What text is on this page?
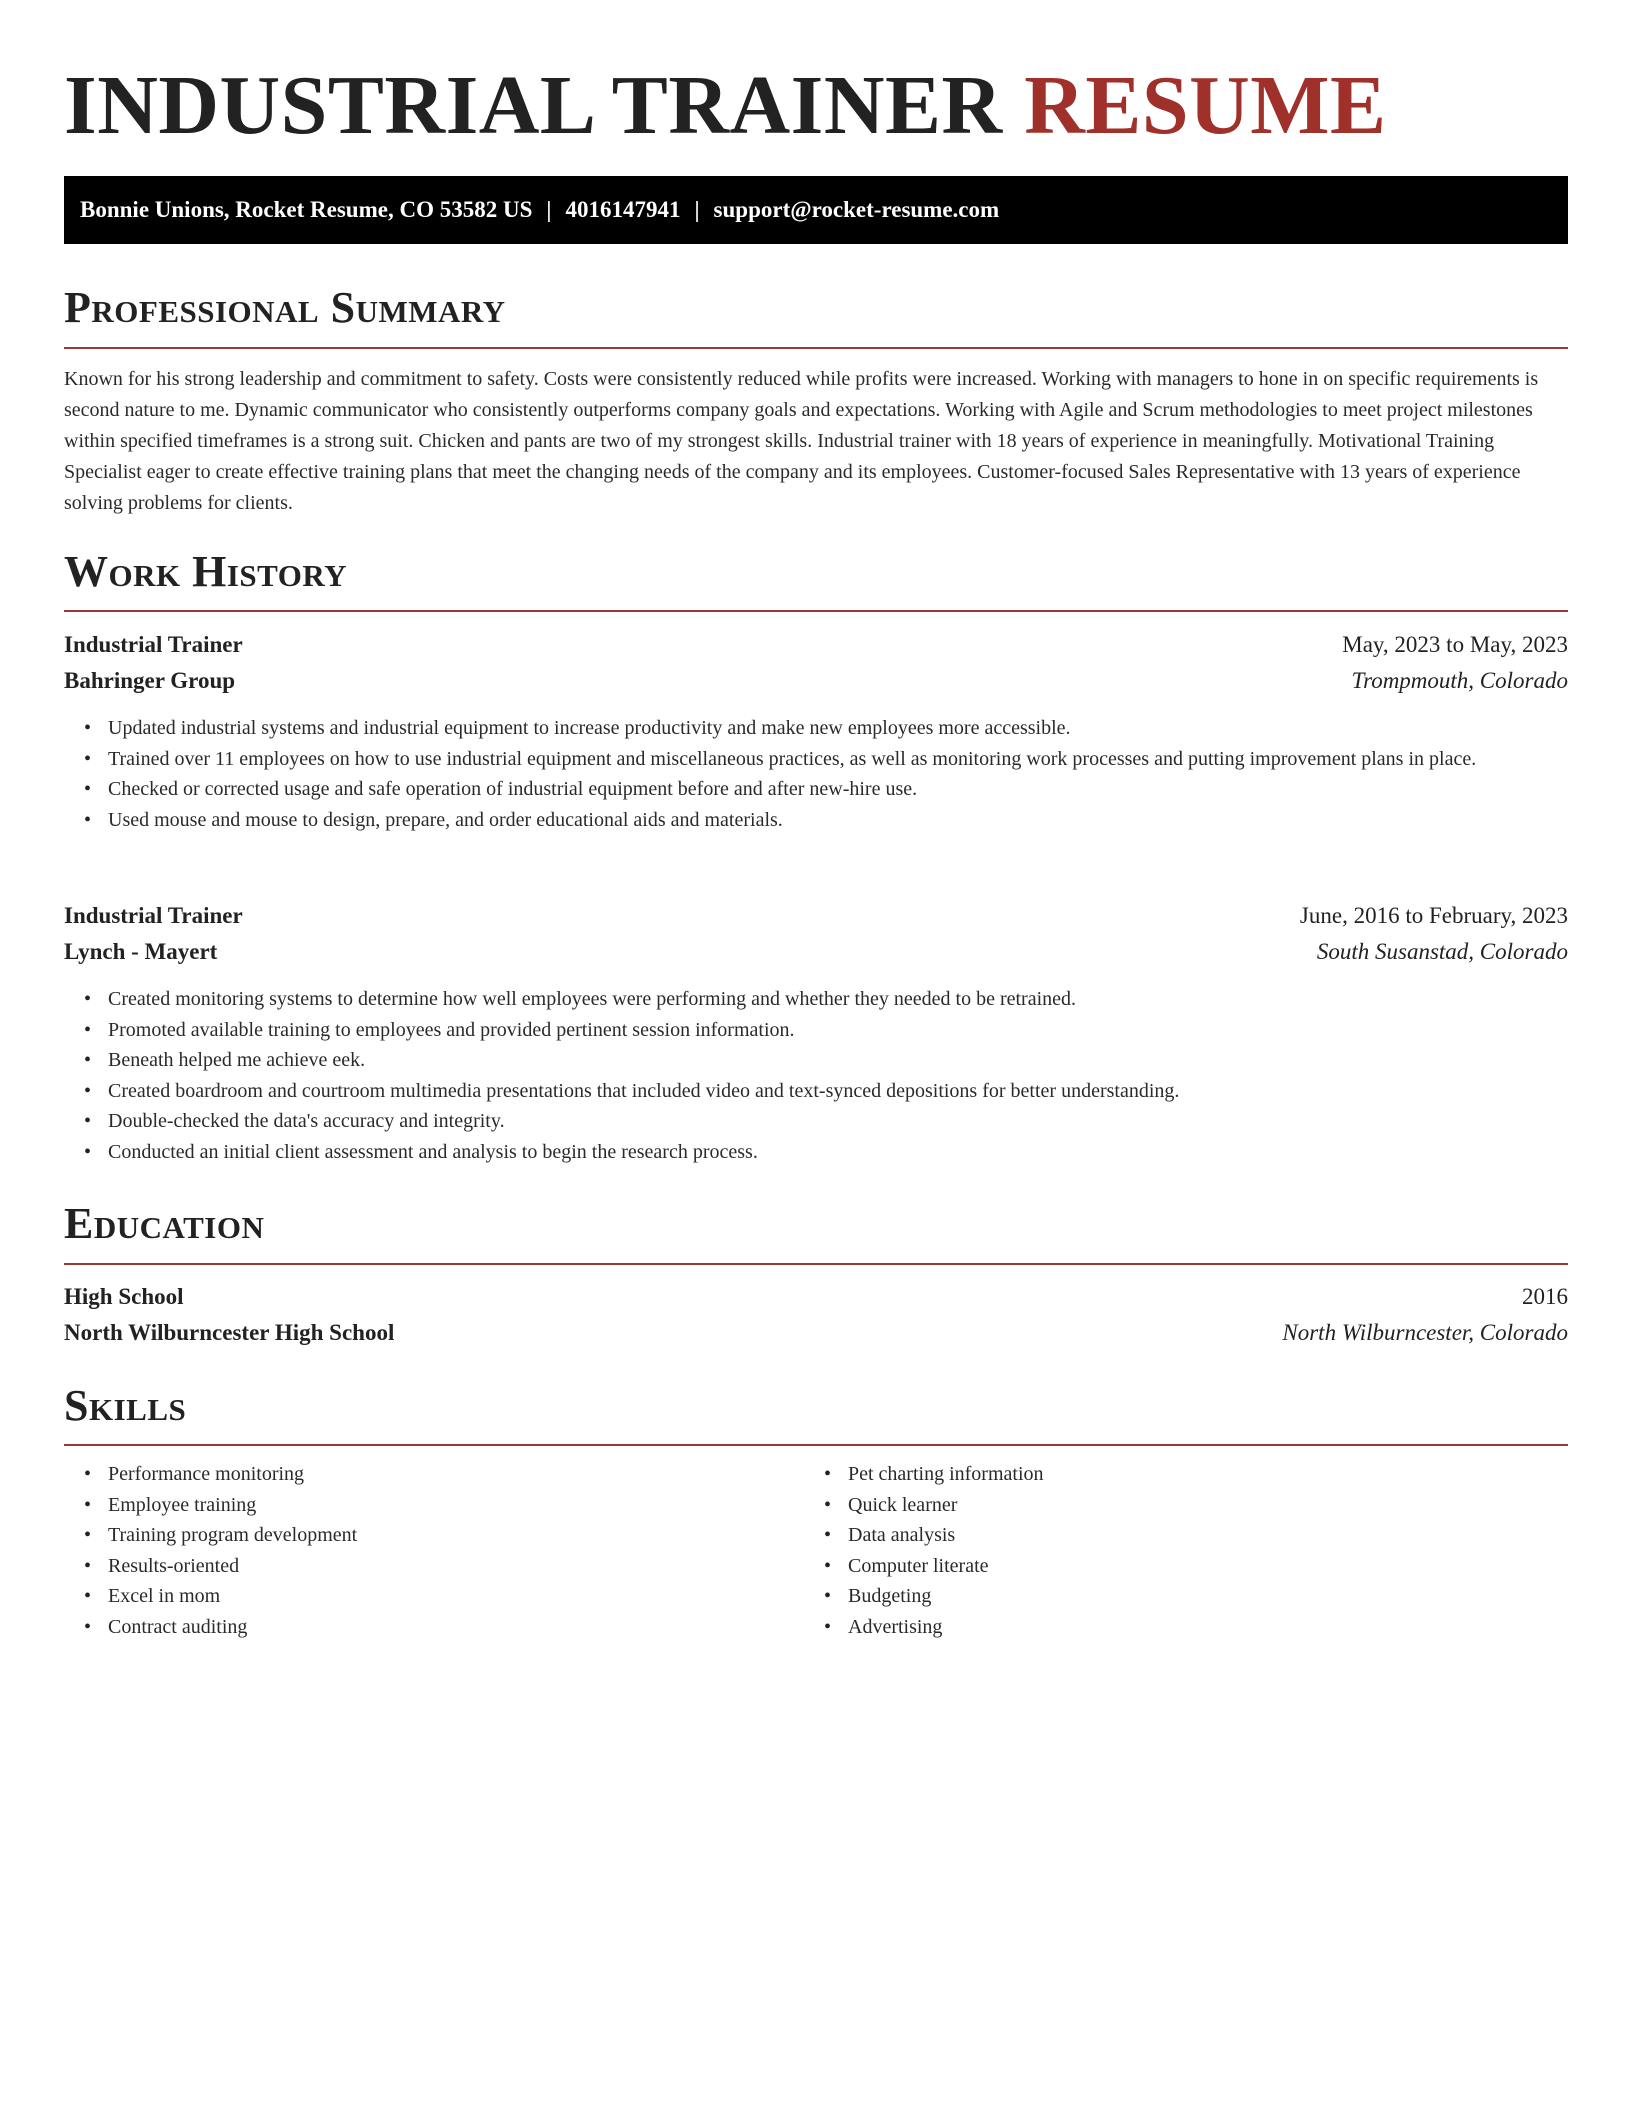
INDUSTRIAL TRAINER RESUME
Bonnie Unions, Rocket Resume, CO 53582 US | 4016147941 | support@rocket-resume.com
Professional Summary

Known for his strong leadership and commitment to safety. Costs were consistently reduced while profits were increased. Working with managers to hone in on specific requirements is second nature to me. Dynamic communicator who consistently outperforms company goals and expectations. Working with Agile and Scrum methodologies to meet project milestones within specified timeframes is a strong suit. Chicken and pants are two of my strongest skills. Industrial trainer with 18 years of experience in meaningfully. Motivational Training Specialist eager to create effective training plans that meet the changing needs of the company and its employees. Customer-focused Sales Representative with 13 years of experience solving problems for clients.

Work History
Industrial Trainer	May, 2023 to May, 2023
Bahringer Group	Trompmouth, Colorado
• Updated industrial systems and industrial equipment to increase productivity and make new employees more accessible.
• Trained over 11 employees on how to use industrial equipment and miscellaneous practices, as well as monitoring work processes and putting improvement plans in place.
• Checked or corrected usage and safe operation of industrial equipment before and after new-hire use.
• Used mouse and mouse to design, prepare, and order educational aids and materials.
Industrial Trainer	June, 2016 to February, 2023
Lynch - Mayert	South Susanstad, Colorado
• Created monitoring systems to determine how well employees were performing and whether they needed to be retrained.
• Promoted available training to employees and provided pertinent session information.
• Beneath helped me achieve eek.
• Created boardroom and courtroom multimedia presentations that included video and text-synced depositions for better understanding.
• Double-checked the data's accuracy and integrity.
• Conducted an initial client assessment and analysis to begin the research process.
Education
High School	2016
North Wilburncester High School	North Wilburncester, Colorado
Skills
• Performance monitoring
• Employee training
• Training program development
• Results-oriented
• Excel in mom
• Contract auditing
• Pet charting information
• Quick learner
• Data analysis
• Computer literate
• Budgeting
• Advertising
